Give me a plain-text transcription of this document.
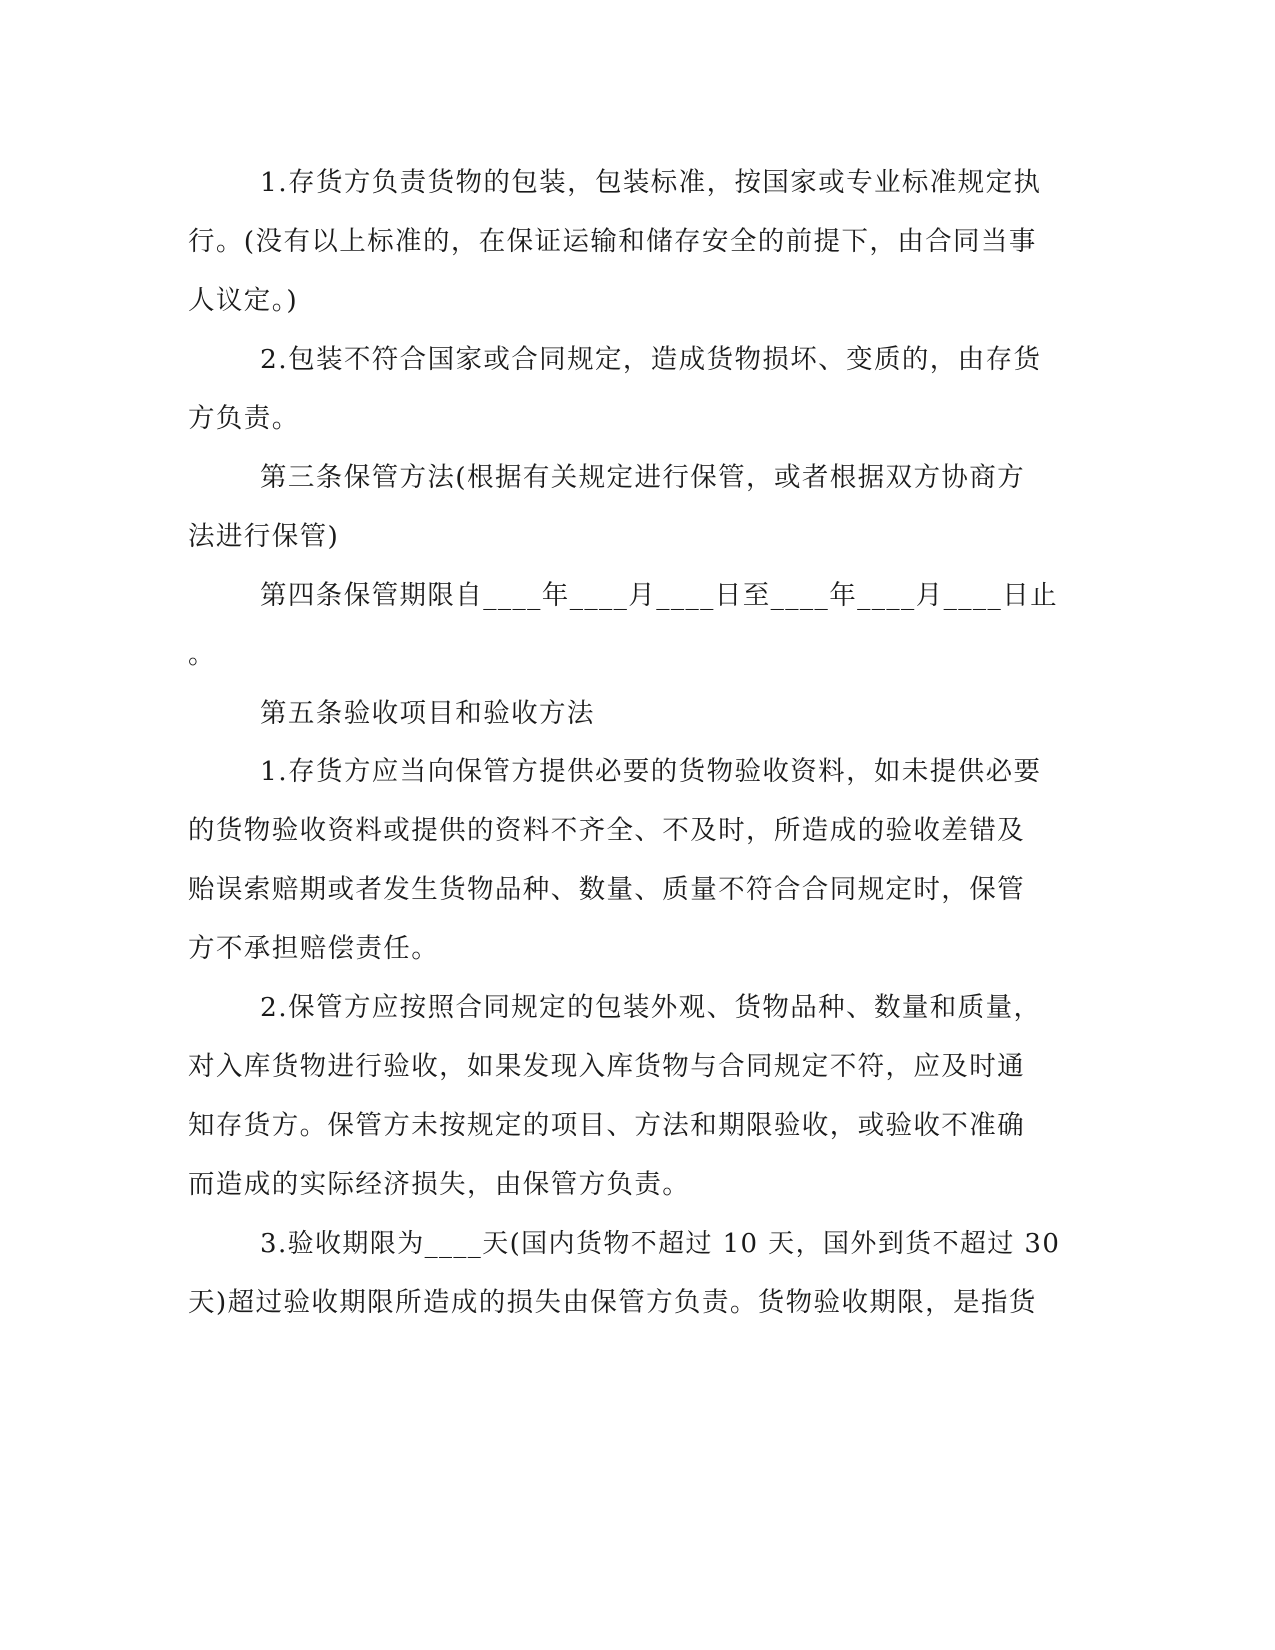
1.存货方负责货物的包装，包装标准，按国家或专业标准规定执
行。(没有以上标准的，在保证运输和储存安全的前提下，由合同当事
人议定。)
2.包装不符合国家或合同规定，造成货物损坏、变质的，由存货
方负责。
第三条保管方法(根据有关规定进行保管，或者根据双方协商方
法进行保管)
第四条保管期限自____年____月____日至____年____月____日止
。
第五条验收项目和验收方法
1.存货方应当向保管方提供必要的货物验收资料，如未提供必要
的货物验收资料或提供的资料不齐全、不及时，所造成的验收差错及
贻误索赔期或者发生货物品种、数量、质量不符合合同规定时，保管
方不承担赔偿责任。
2.保管方应按照合同规定的包装外观、货物品种、数量和质量，
对入库货物进行验收，如果发现入库货物与合同规定不符，应及时通
知存货方。保管方未按规定的项目、方法和期限验收，或验收不准确
而造成的实际经济损失，由保管方负责。
3.验收期限为____天(国内货物不超过 10 天，国外到货不超过 30
天)超过验收期限所造成的损失由保管方负责。货物验收期限，是指货
